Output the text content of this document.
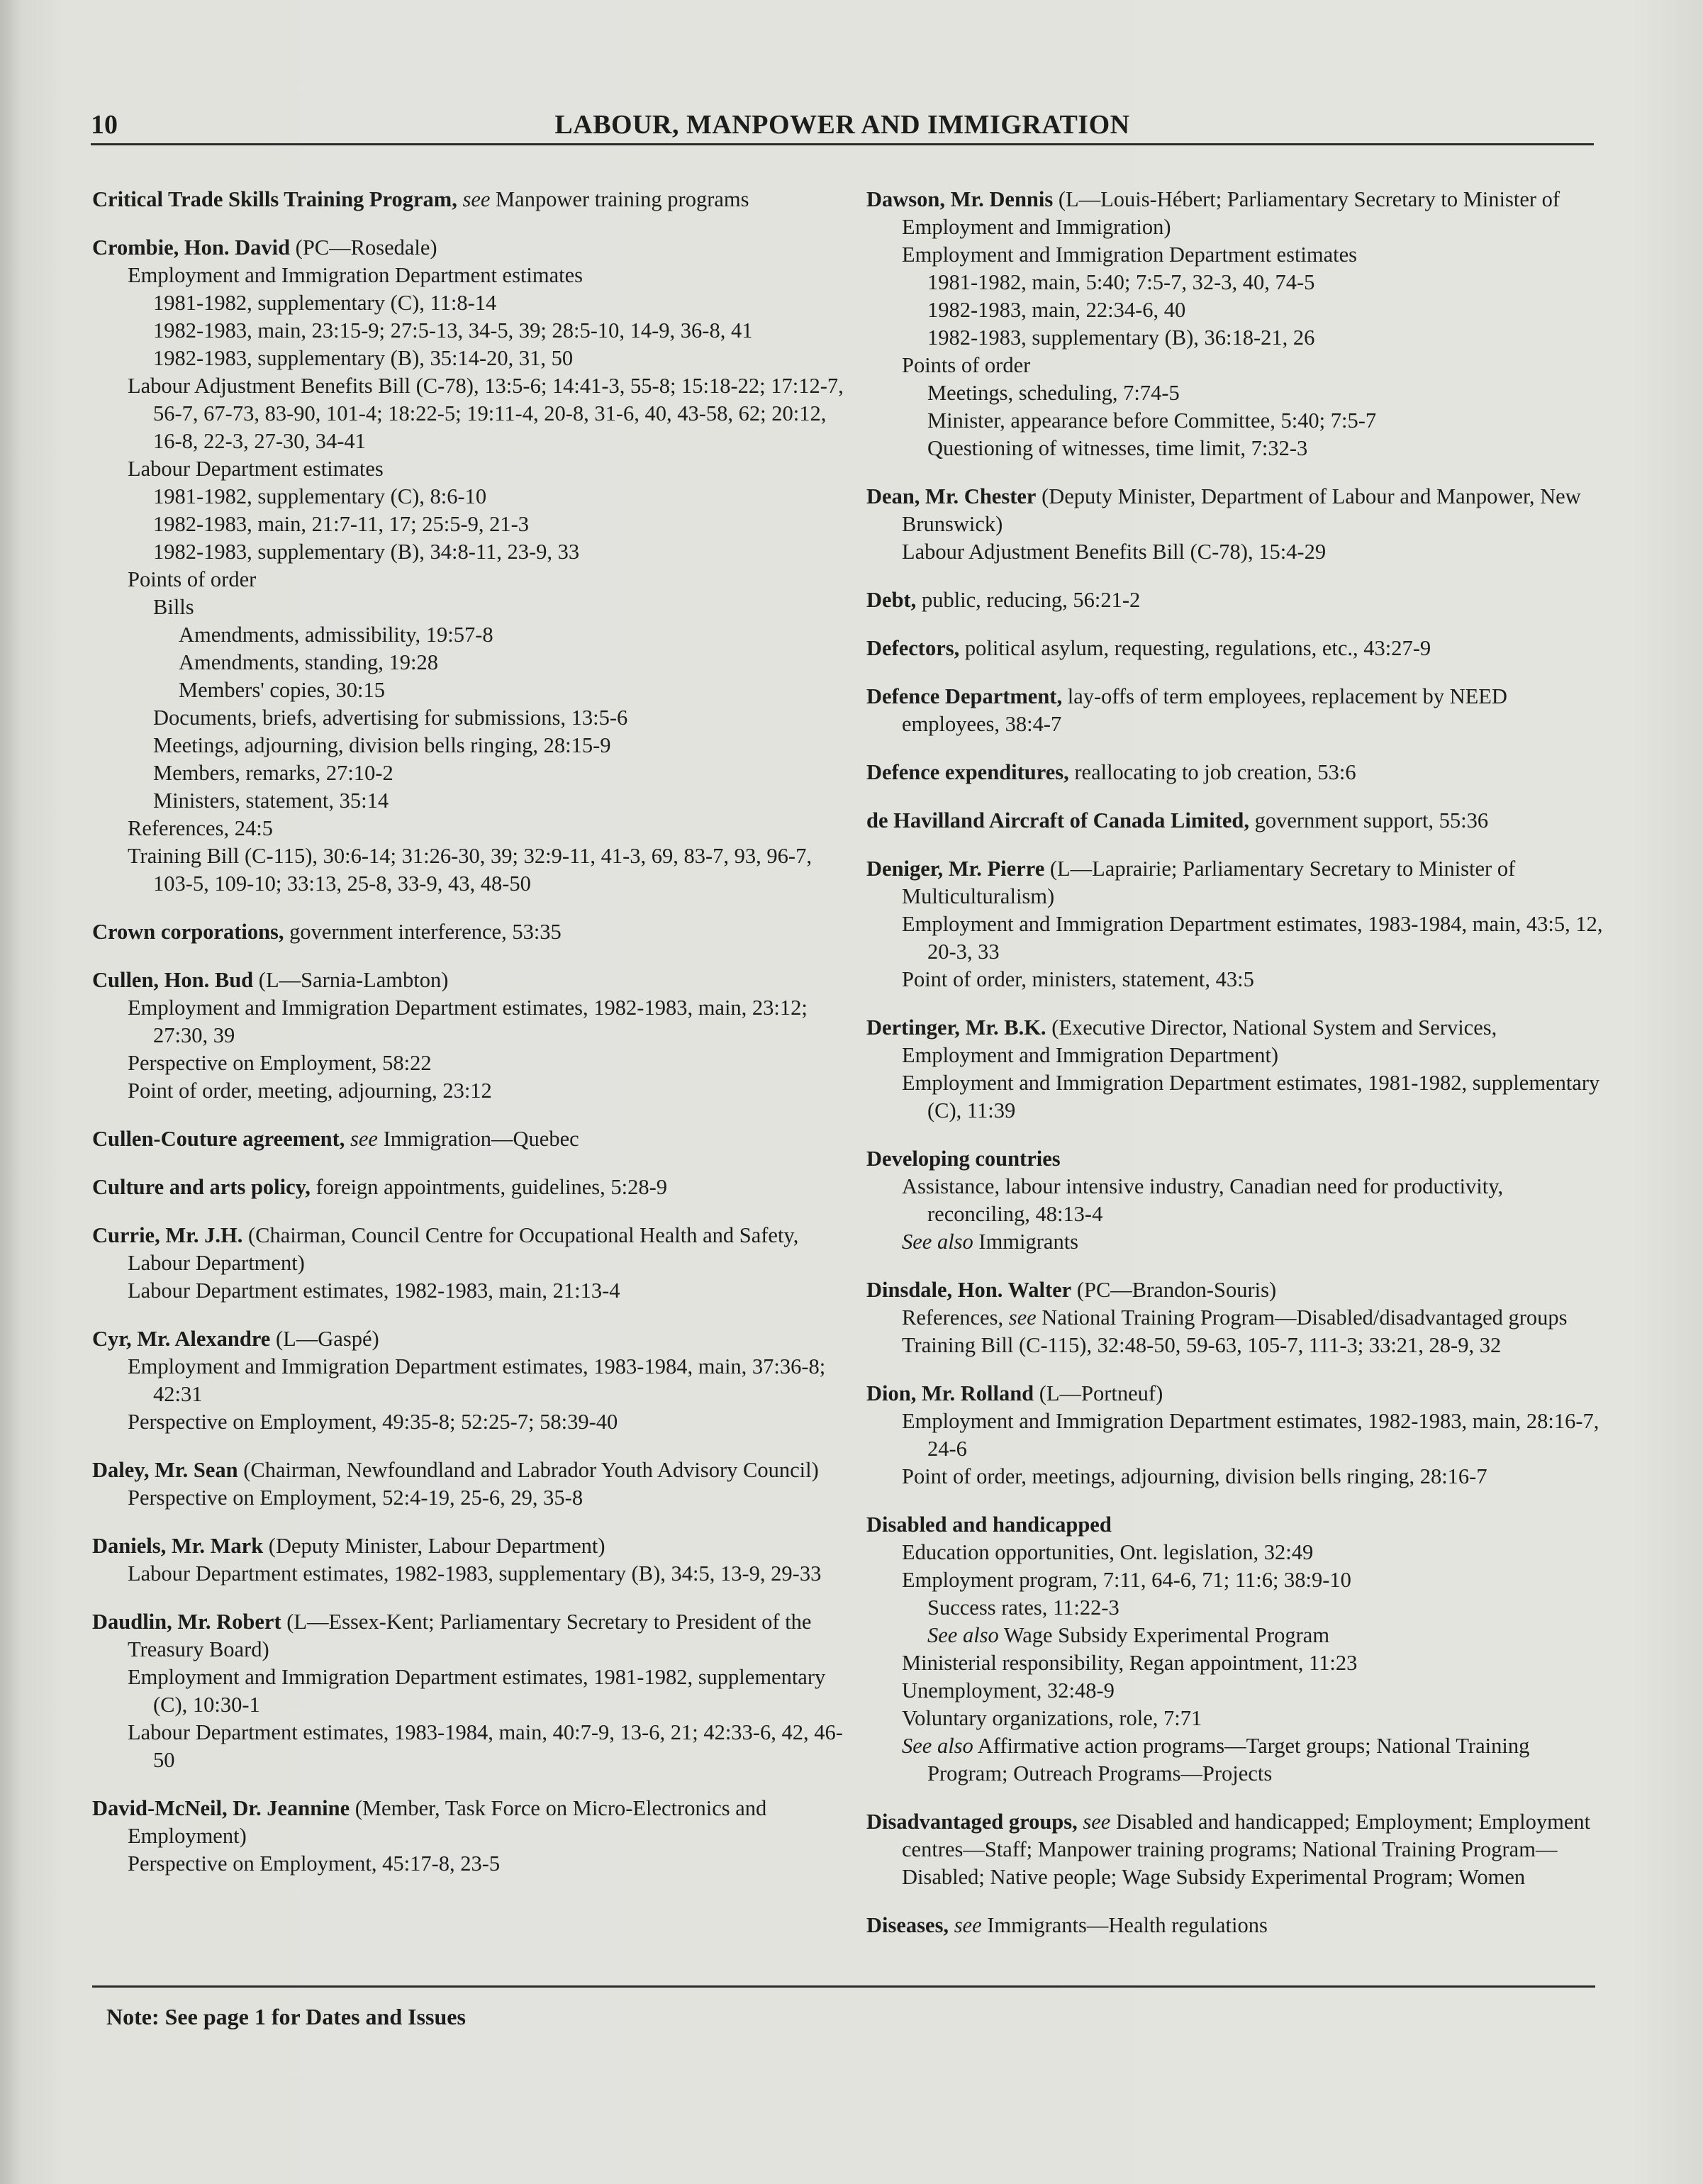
10	LABOUR, MANPOWER AND IMMIGRATION
Critical Trade Skills Training Program, see Manpower training programs
Crombie, Hon. David (PC—Rosedale)
Employment and Immigration Department estimates
1981-1982, supplementary (C), 11:8-14
1982-1983, main, 23:15-9; 27:5-13, 34-5, 39; 28:5-10, 14-9, 36-8, 41
1982-1983, supplementary (B), 35:14-20, 31, 50
Labour Adjustment Benefits Bill (C-78), 13:5-6; 14:41-3, 55-8; 15:18-22; 17:12-7, 56-7, 67-73, 83-90, 101-4; 18:22-5; 19:11-4, 20-8, 31-6, 40, 43-58, 62; 20:12, 16-8, 22-3, 27-30, 34-41
Labour Department estimates
1981-1982, supplementary (C), 8:6-10
1982-1983, main, 21:7-11, 17; 25:5-9, 21-3
1982-1983, supplementary (B), 34:8-11, 23-9, 33
Points of order
Bills
Amendments, admissibility, 19:57-8
Amendments, standing, 19:28
Members' copies, 30:15
Documents, briefs, advertising for submissions, 13:5-6
Meetings, adjourning, division bells ringing, 28:15-9
Members, remarks, 27:10-2
Ministers, statement, 35:14
References, 24:5
Training Bill (C-115), 30:6-14; 31:26-30, 39; 32:9-11, 41-3, 69, 83-7, 93, 96-7, 103-5, 109-10; 33:13, 25-8, 33-9, 43, 48-50
Crown corporations, government interference, 53:35
Cullen, Hon. Bud (L—Sarnia-Lambton)
Employment and Immigration Department estimates, 1982-1983, main, 23:12; 27:30, 39
Perspective on Employment, 58:22
Point of order, meeting, adjourning, 23:12
Cullen-Couture agreement, see Immigration—Quebec
Culture and arts policy, foreign appointments, guidelines, 5:28-9
Currie, Mr. J.H. (Chairman, Council Centre for Occupational Health and Safety, Labour Department)
Labour Department estimates, 1982-1983, main, 21:13-4
Cyr, Mr. Alexandre (L—Gaspé)
Employment and Immigration Department estimates, 1983-1984, main, 37:36-8; 42:31
Perspective on Employment, 49:35-8; 52:25-7; 58:39-40
Daley, Mr. Sean (Chairman, Newfoundland and Labrador Youth Advisory Council)
Perspective on Employment, 52:4-19, 25-6, 29, 35-8
Daniels, Mr. Mark (Deputy Minister, Labour Department)
Labour Department estimates, 1982-1983, supplementary (B), 34:5, 13-9, 29-33
Daudlin, Mr. Robert (L—Essex-Kent; Parliamentary Secretary to President of the Treasury Board)
Employment and Immigration Department estimates, 1981-1982, supplementary (C), 10:30-1
Labour Department estimates, 1983-1984, main, 40:7-9, 13-6, 21; 42:33-6, 42, 46-50
David-McNeil, Dr. Jeannine (Member, Task Force on Micro-Electronics and Employment)
Perspective on Employment, 45:17-8, 23-5
Dawson, Mr. Dennis (L—Louis-Hébert; Parliamentary Secretary to Minister of Employment and Immigration)
Employment and Immigration Department estimates
1981-1982, main, 5:40; 7:5-7, 32-3, 40, 74-5
1982-1983, main, 22:34-6, 40
1982-1983, supplementary (B), 36:18-21, 26
Points of order
Meetings, scheduling, 7:74-5
Minister, appearance before Committee, 5:40; 7:5-7
Questioning of witnesses, time limit, 7:32-3
Dean, Mr. Chester (Deputy Minister, Department of Labour and Manpower, New Brunswick)
Labour Adjustment Benefits Bill (C-78), 15:4-29
Debt, public, reducing, 56:21-2
Defectors, political asylum, requesting, regulations, etc., 43:27-9
Defence Department, lay-offs of term employees, replacement by NEED employees, 38:4-7
Defence expenditures, reallocating to job creation, 53:6
de Havilland Aircraft of Canada Limited, government support, 55:36
Deniger, Mr. Pierre (L—Laprairie; Parliamentary Secretary to Minister of Multiculturalism)
Employment and Immigration Department estimates, 1983-1984, main, 43:5, 12, 20-3, 33
Point of order, ministers, statement, 43:5
Dertinger, Mr. B.K. (Executive Director, National System and Services, Employment and Immigration Department)
Employment and Immigration Department estimates, 1981-1982, supplementary (C), 11:39
Developing countries
Assistance, labour intensive industry, Canadian need for productivity, reconciling, 48:13-4
See also Immigrants
Dinsdale, Hon. Walter (PC—Brandon-Souris)
References, see National Training Program—Disabled/disadvantaged groups
Training Bill (C-115), 32:48-50, 59-63, 105-7, 111-3; 33:21, 28-9, 32
Dion, Mr. Rolland (L—Portneuf)
Employment and Immigration Department estimates, 1982-1983, main, 28:16-7, 24-6
Point of order, meetings, adjourning, division bells ringing, 28:16-7
Disabled and handicapped
Education opportunities, Ont. legislation, 32:49
Employment program, 7:11, 64-6, 71; 11:6; 38:9-10
Success rates, 11:22-3
See also Wage Subsidy Experimental Program
Ministerial responsibility, Regan appointment, 11:23
Unemployment, 32:48-9
Voluntary organizations, role, 7:71
See also Affirmative action programs—Target groups; National Training Program; Outreach Programs—Projects
Disadvantaged groups, see Disabled and handicapped; Employment; Employment centres—Staff; Manpower training programs; National Training Program—Disabled; Native people; Wage Subsidy Experimental Program; Women
Diseases, see Immigrants—Health regulations
Note: See page 1 for Dates and Issues
